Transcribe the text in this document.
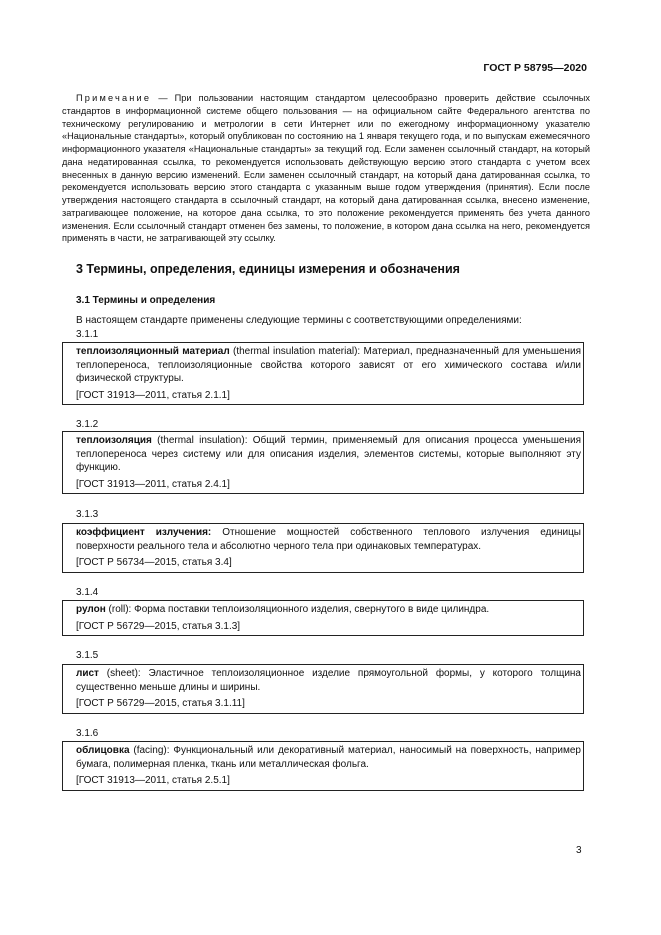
ГОСТ Р 58795—2020
Примечание — При пользовании настоящим стандартом целесообразно проверить действие ссылочных стандартов в информационной системе общего пользования — на официальном сайте Федерального агентства по техническому регулированию и метрологии в сети Интернет или по ежегодному информационному указателю «Национальные стандарты», который опубликован по состоянию на 1 января текущего года, и по выпускам ежемесячного информационного указателя «Национальные стандарты» за текущий год. Если заменен ссылочный стандарт, на который дана недатированная ссылка, то рекомендуется использовать действующую версию этого стандарта с учетом всех внесенных в данную версию изменений. Если заменен ссылочный стандарт, на который дана датированная ссылка, то рекомендуется использовать версию этого стандарта с указанным выше годом утверждения (принятия). Если после утверждения настоящего стандарта в ссылочный стандарт, на который дана датированная ссылка, внесено изменение, затрагивающее положение, на которое дана ссылка, то это положение рекомендуется применять без учета данного изменения. Если ссылочный стандарт отменен без замены, то положение, в котором дана ссылка на него, рекомендуется применять в части, не затрагивающей эту ссылку.
3 Термины, определения, единицы измерения и обозначения
3.1 Термины и определения
В настоящем стандарте применены следующие термины с соответствующими определениями:
3.1.1

теплоизоляционный материал (thermal insulation material): Материал, предназначенный для уменьшения теплопереноса, теплоизоляционные свойства которого зависят от его химического состава и/или физической структуры.

[ГОСТ 31913—2011, статья 2.1.1]

3.1.2

теплоизоляция (thermal insulation): Общий термин, применяемый для описания процесса уменьшения теплопереноса через систему или для описания изделия, элементов системы, которые выполняют эту функцию.

[ГОСТ 31913—2011, статья 2.4.1]

3.1.3

коэффициент излучения: Отношение мощностей собственного теплового излучения единицы поверхности реального тела и абсолютно черного тела при одинаковых температурах.

[ГОСТ Р 56734—2015, статья 3.4]

3.1.4

рулон (roll): Форма поставки теплоизоляционного изделия, свернутого в виде цилиндра.

[ГОСТ Р 56729—2015, статья 3.1.3]

3.1.5

лист (sheet): Эластичное теплоизоляционное изделие прямоугольной формы, у которого толщина существенно меньше длины и ширины.

[ГОСТ Р 56729—2015, статья 3.1.11]

3.1.6

облицовка (facing): Функциональный или декоративный материал, наносимый на поверхность, например бумага, полимерная пленка, ткань или металлическая фольга.

[ГОСТ 31913—2011, статья 2.5.1]

3
